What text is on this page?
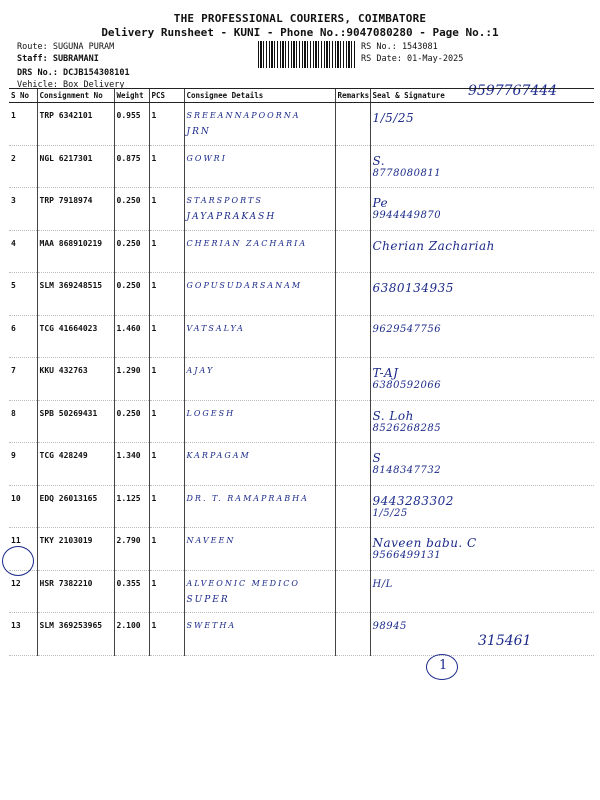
THE PROFESSIONAL COURIERS, COIMBATORE
Delivery Runsheet - KUNI - Phone No.:9047080280 - Page No.:1
Route: SUGUNA PURAM
Staff: SUBRAMANI
DRS No.: DCJB154308101
Vehicle: Box Delivery
RS No.: 1543081
RS Date: 01-May-2025
9597767444
S No	Consignment No	Weight	PCS	Consignee Details	Remarks	Seal & Signature
1	TRP 6342101	0.955	1	SREEANNAPOORNA
JRN		1/5/25

2	NGL 6217301	0.875	1	GOWRI		S.
8778080811

3	TRP 7918974	0.250	1	STARSPORTS
JAYAPRAKASH		Pe
9944449870

4	MAA 868910219	0.250	1	CHERIAN ZACHARIA		Cherian Zachariah

5	SLM 369248515	0.250	1	GOPUSUDARSANAM		6380134935

6	TCG 41664023	1.460	1	VATSALYA		9629547756

7	KKU 432763	1.290	1	AJAY		T-AJ
6380592066

8	SPB 50269431	0.250	1	LOGESH		S. Loh
8526268285

9	TCG 428249	1.340	1	KARPAGAM		S
8148347732

10	EDQ 26013165	1.125	1	DR. T. RAMAPRABHA		9443283302
1/5/25

11	TKY 2103019	2.790	1	NAVEEN		Naveen babu. C
9566499131

12	HSR 7382210	0.355	1	ALVEONIC MEDICO
SUPER		H/L

13	SLM 369253965	2.100	1	SWETHA		98945
315461
1
